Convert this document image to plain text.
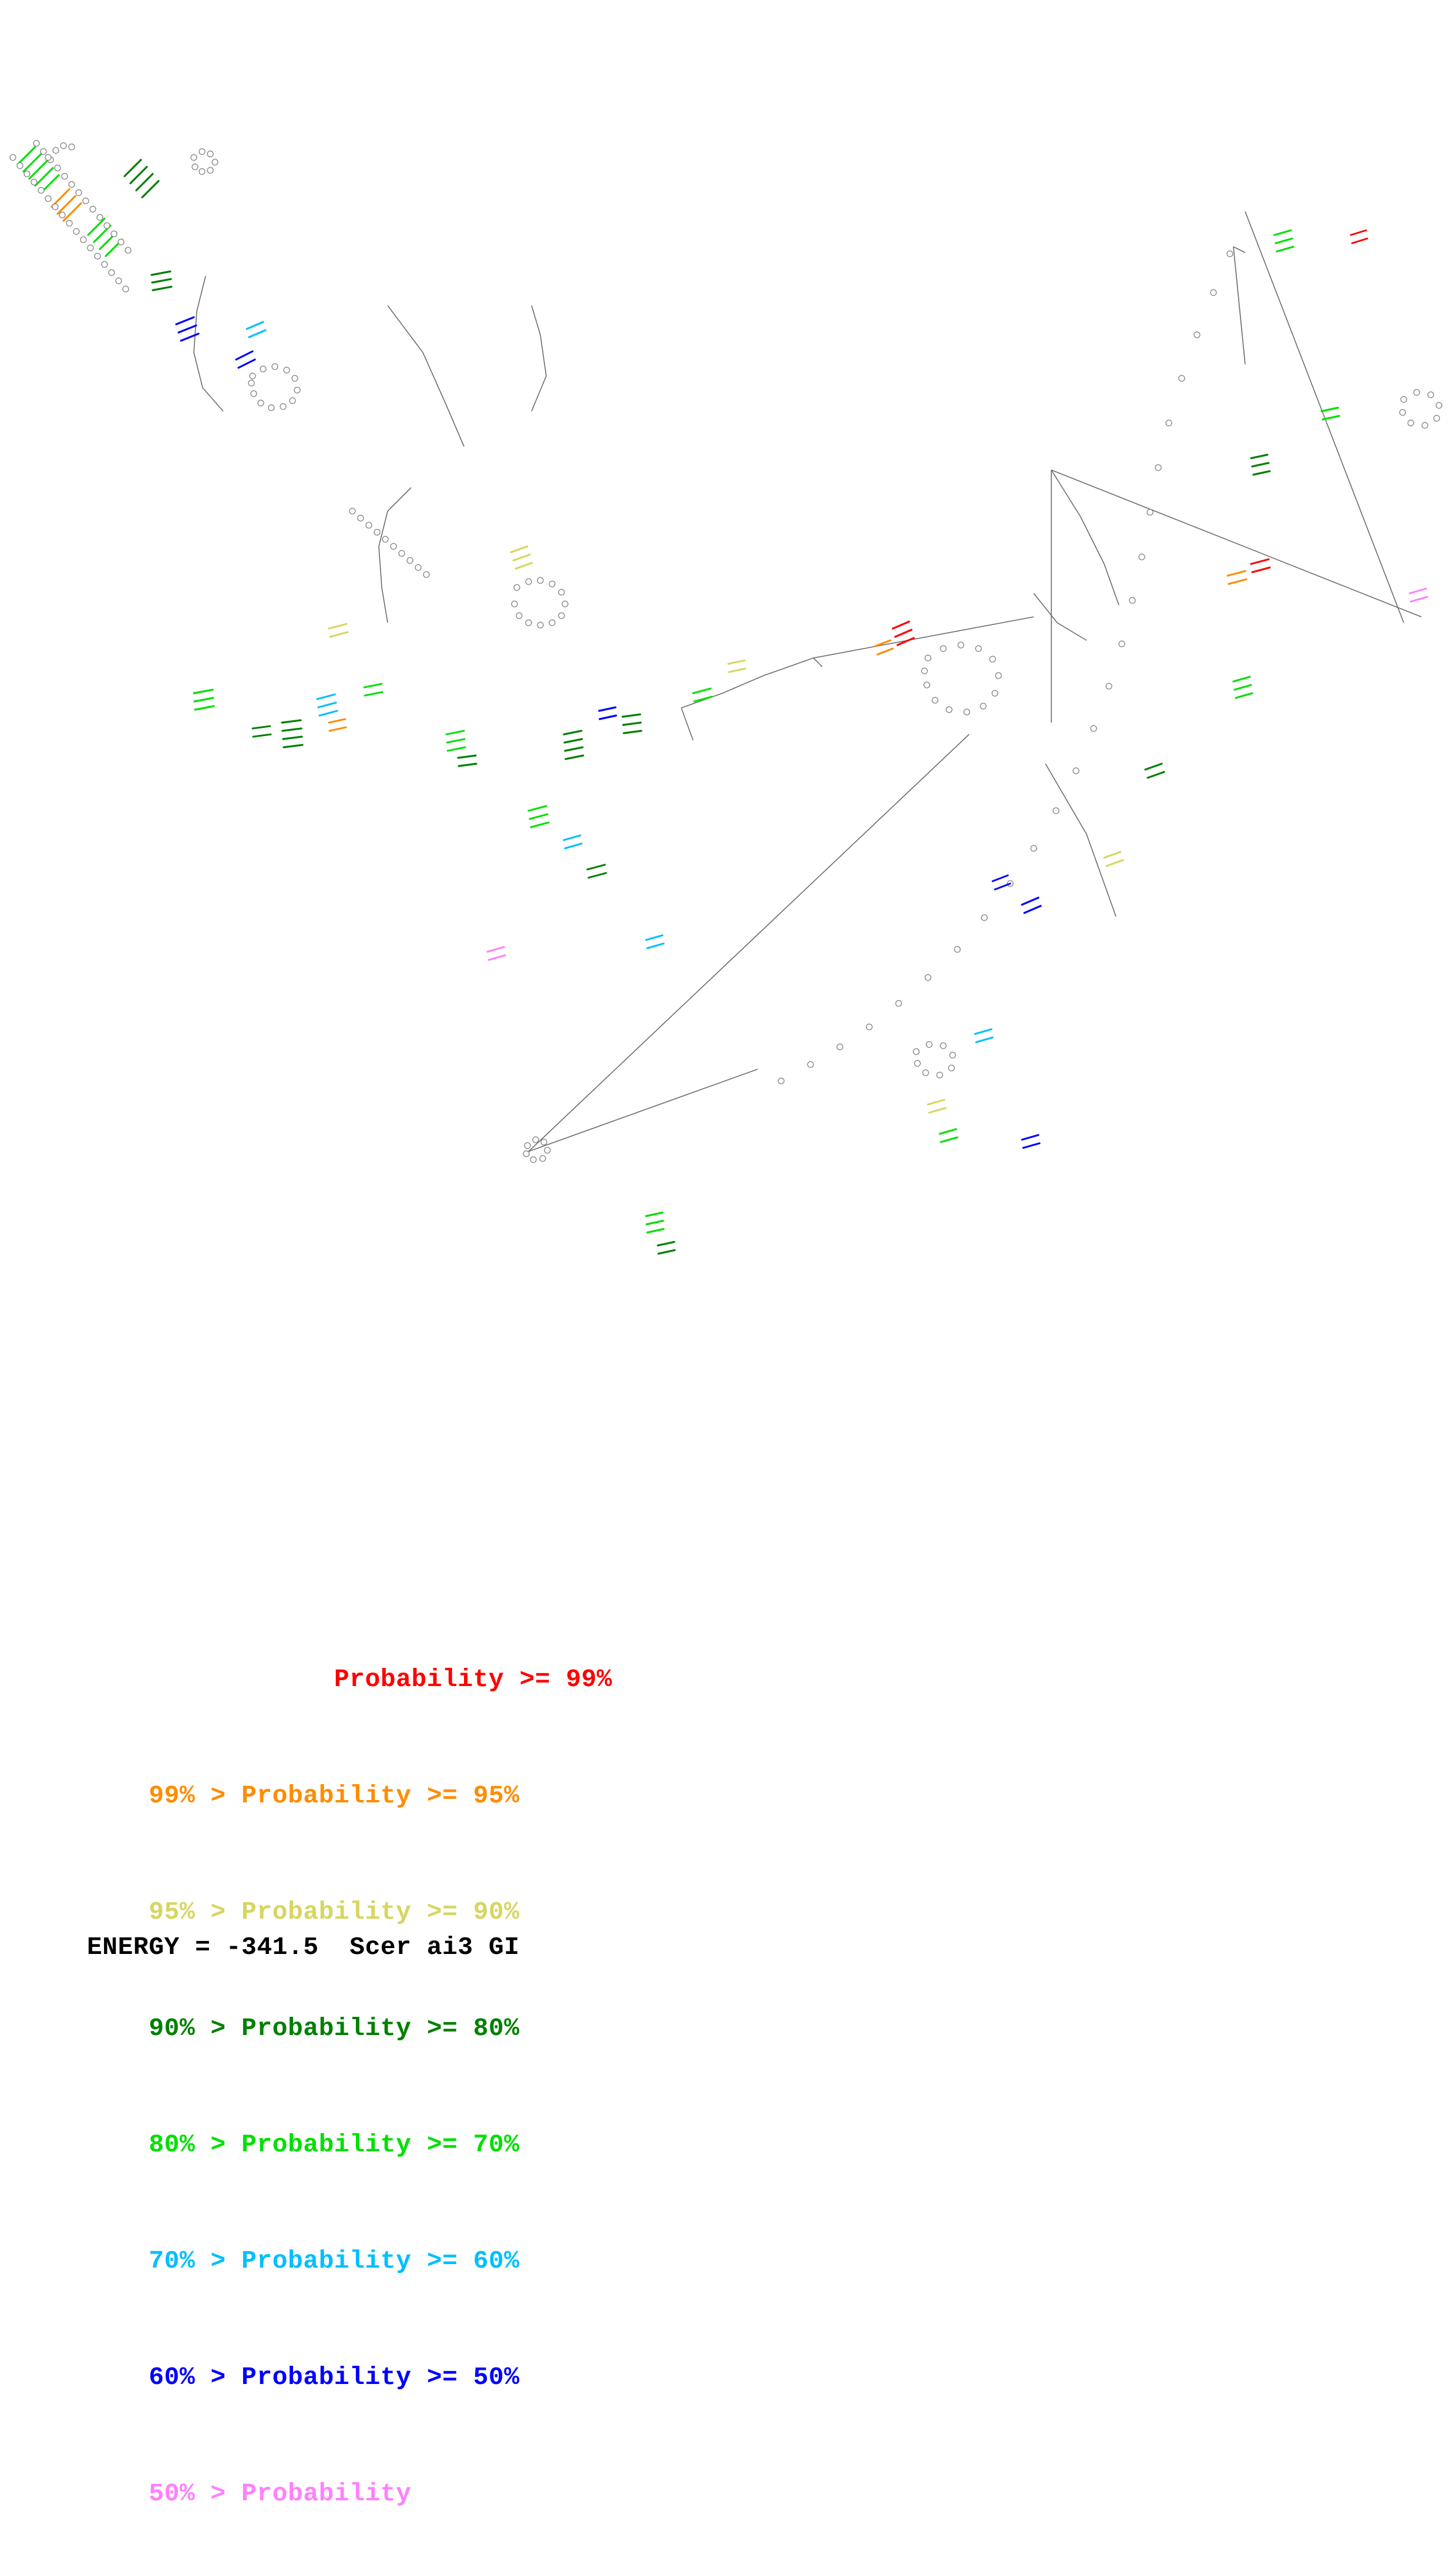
Probability >= 99%

99% > Probability >= 95%

95% > Probability >= 90%

90% > Probability >= 80%

80% > Probability >= 70%

70% > Probability >= 60%

60% > Probability >= 50%

50% > Probability

ENERGY = -341.5  Scer ai3 GI
